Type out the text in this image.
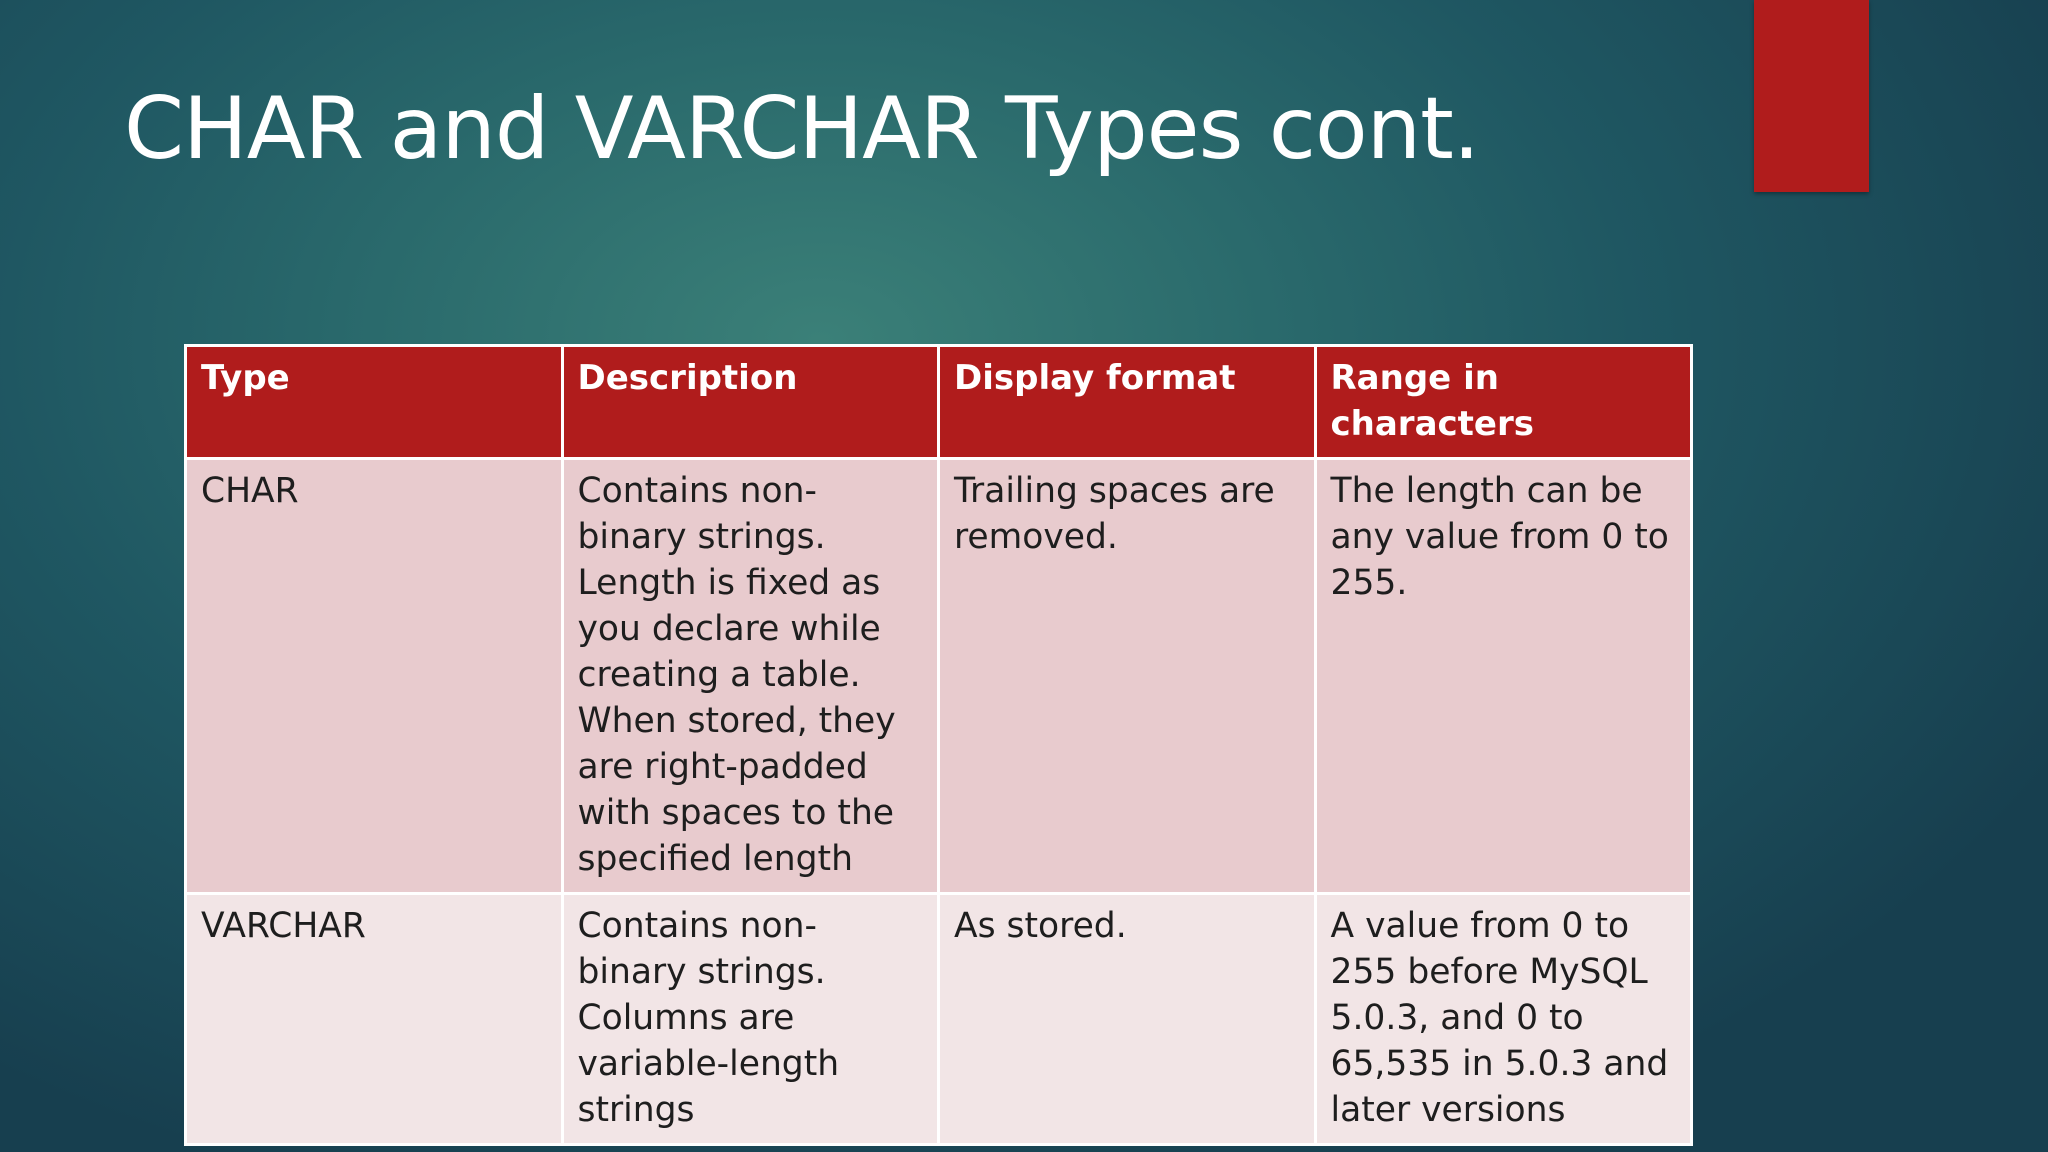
CHAR and VARCHAR Types cont.
Type	Description	Display format	Range in characters
CHAR	Contains non-binary strings. Length is fixed as you declare while creating a table. When stored, they are right-padded with spaces to the specified length	Trailing spaces are removed.	The length can be any value from 0 to 255.
VARCHAR	Contains non-binary strings. Columns are variable-length strings	As stored.	A value from 0 to 255 before MySQL 5.0.3, and 0 to 65,535 in 5.0.3 and later versions
